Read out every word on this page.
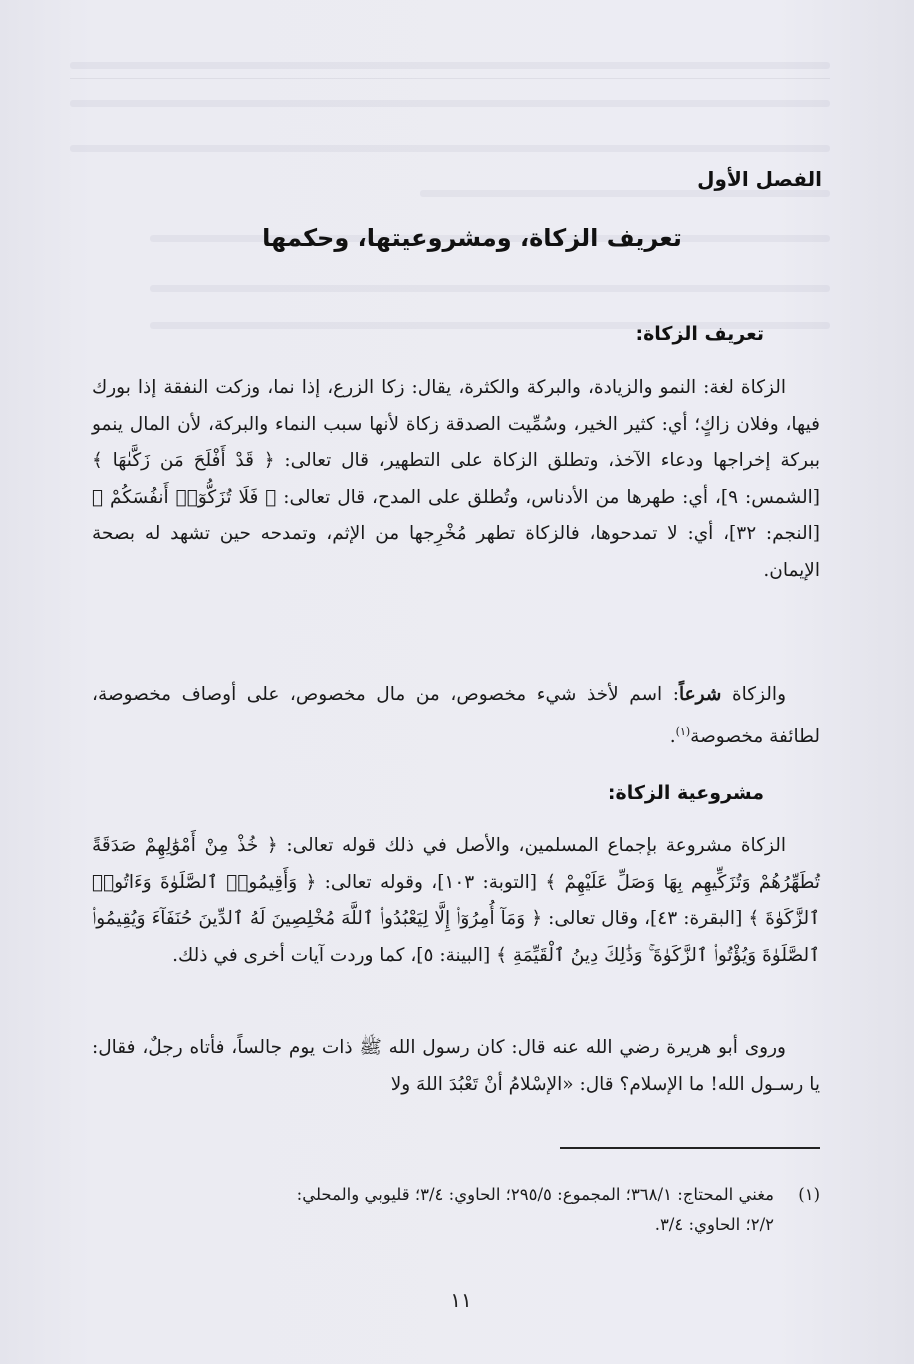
الفصل الأول
تعريف الزكاة، ومشروعيتها، وحكمها
تعريف الزكاة:
الزكاة لغة: النمو والزيادة، والبركة والكثرة، يقال: زكا الزرع، إذا نما، وزكت النفقة إذا بورك فيها، وفلان زاكٍ؛ أي: كثير الخير، وسُمِّيت الصدقة زكاة لأنها سبب النماء والبركة، لأن المال ينمو ببركة إخراجها ودعاء الآخذ، وتطلق الزكاة على التطهير، قال تعالى: ﴿ قَدْ أَفْلَحَ مَن زَكَّىٰهَا ﴾ [الشمس: ٩]، أي: طهرها من الأدناس، وتُطلق على المدح، قال تعالى: ﴿ فَلَا تُزَكُّوٓا۟ أَنفُسَكُمْ ﴾ [النجم: ٣٢]، أي: لا تمدحوها، فالزكاة تطهر مُخْرِجها من الإثم، وتمدحه حين تشهد له بصحة الإيمان.
والزكاة شرعاً: اسم لأخذ شيء مخصوص، من مال مخصوص، على أوصاف مخصوصة، لطائفة مخصوصة$^{(١)}$.
مشروعية الزكاة:
الزكاة مشروعة بإجماع المسلمين، والأصل في ذلك قوله تعالى: ﴿ خُذْ مِنْ أَمْوَٰلِهِمْ صَدَقَةً تُطَهِّرُهُمْ وَتُزَكِّيهِم بِهَا وَصَلِّ عَلَيْهِمْ ﴾ [التوبة: ١٠٣]، وقوله تعالى: ﴿ وَأَقِيمُوا۟ ٱلصَّلَوٰةَ وَءَاتُوا۟ ٱلزَّكَوٰةَ ﴾ [البقرة: ٤٣]، وقال تعالى: ﴿ وَمَآ أُمِرُوٓا۟ إِلَّا لِيَعْبُدُوا۟ ٱللَّهَ مُخْلِصِينَ لَهُ ٱلدِّينَ حُنَفَآءَ وَيُقِيمُوا۟ ٱلصَّلَوٰةَ وَيُؤْتُوا۟ ٱلزَّكَوٰةَ ۚ وَذَٰلِكَ دِينُ ٱلْقَيِّمَةِ ﴾ [البينة: ٥]، كما وردت آيات أخرى في ذلك.
وروى أبو هريرة رضي الله عنه قال: كان رسول الله ﷺ ذات يوم جالساً، فأتاه رجلٌ، فقال: يا رسـول الله! ما الإسلام؟ قال: «الإسْلامُ أنْ تَعْبُدَ اللهَ ولا
(١)مغني المحتاج: ٣٦٨/١؛ المجموع: ٢٩٥/٥؛ الحاوي: ٣/٤؛ قليوبي والمحلي:
٢/٢؛ الحاوي: ٣/٤.
١١
